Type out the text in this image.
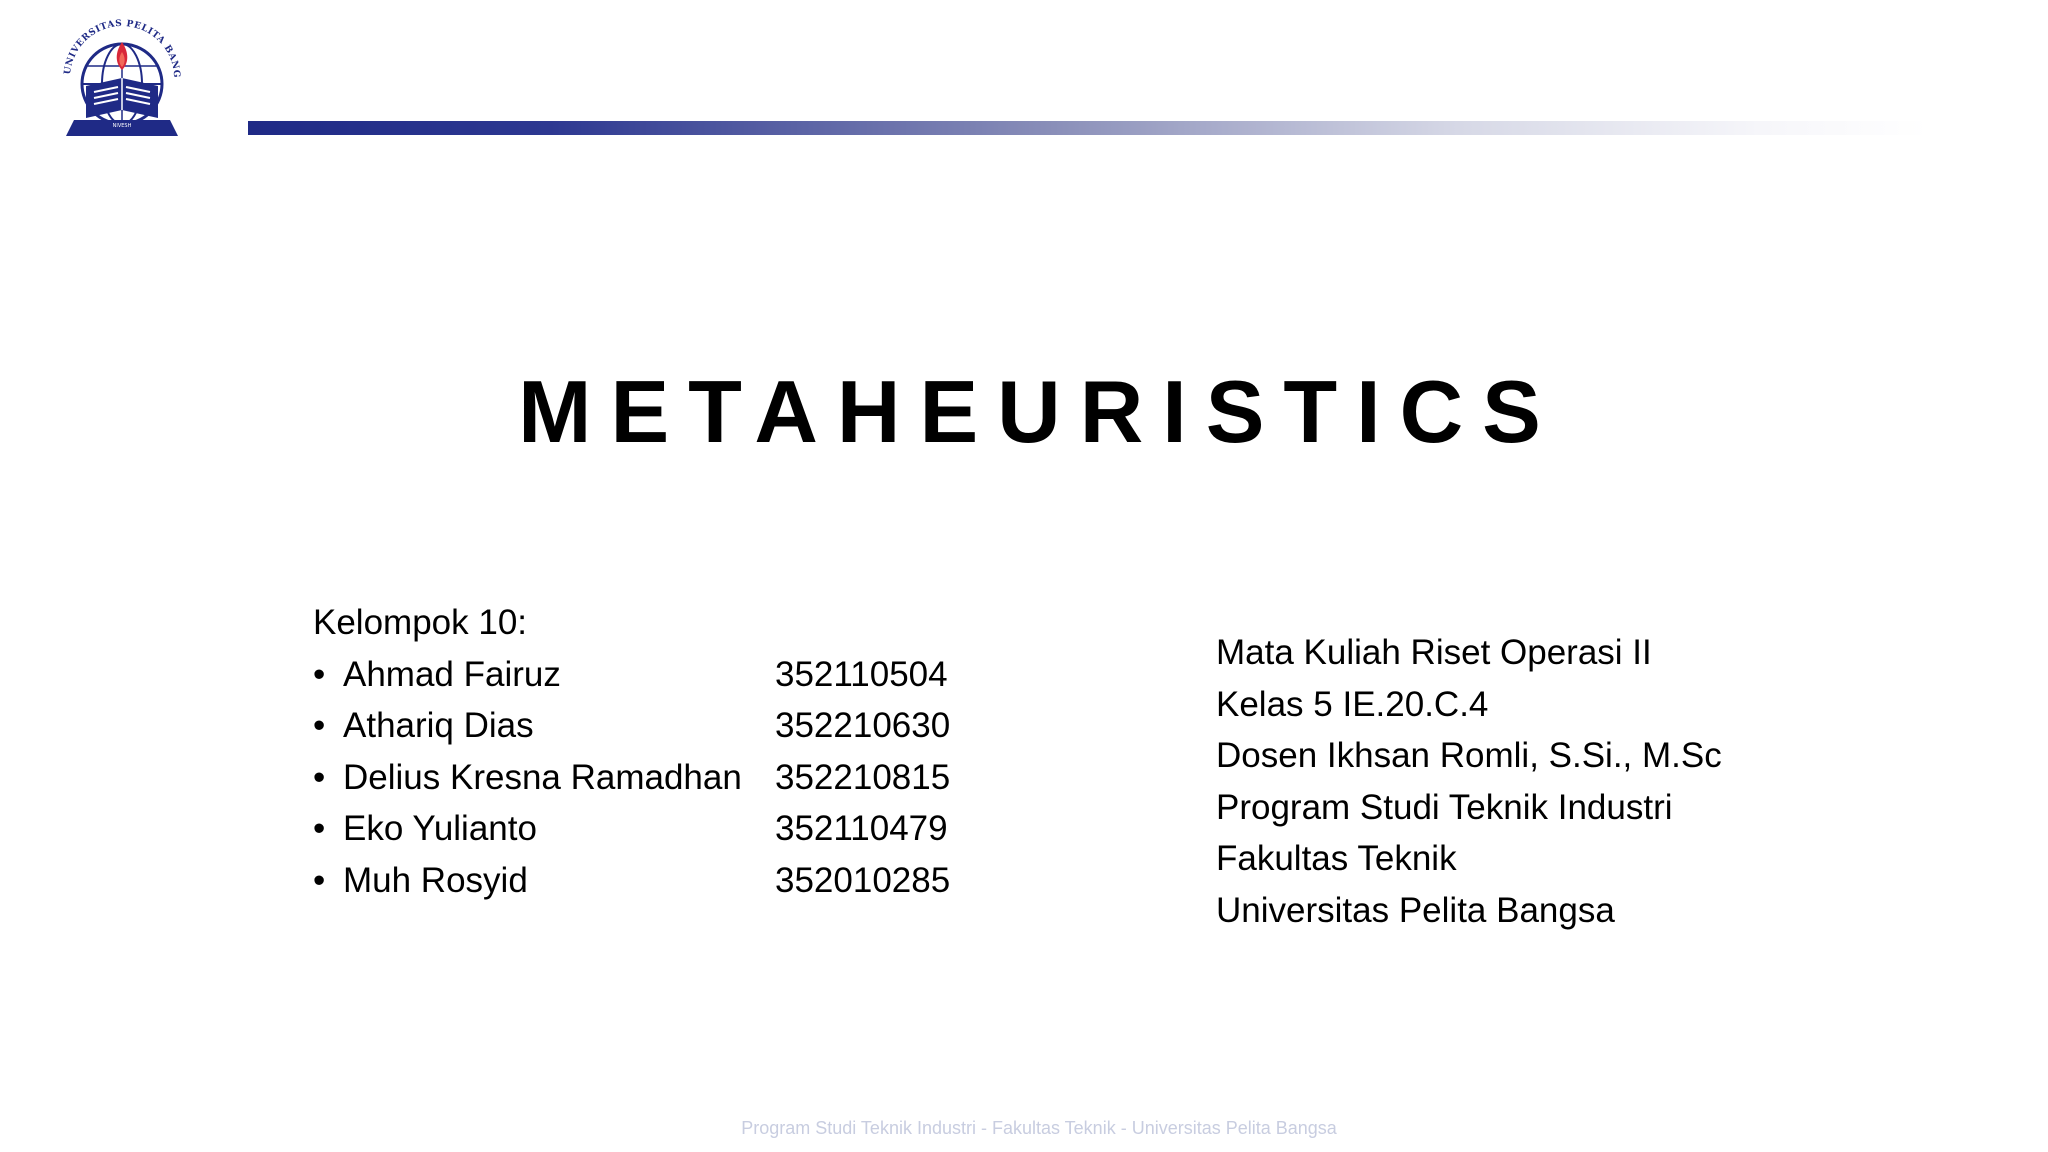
UNIVERSITAS PELITA BANG
NIVESH
METAHEURISTICS
Kelompok 10:
• Ahmad Fairuz	352110504
• Athariq Dias	352210630
• Delius Kresna Ramadhan 352210815
• Eko Yulianto	352110479
• Muh Rosyid	352010285
Mata Kuliah Riset Operasi II
Kelas 5 IE.20.C.4
Dosen Ikhsan Romli, S.Si., M.Sc
Program Studi Teknik Industri
Fakultas Teknik
Universitas Pelita Bangsa
Program Studi Teknik Industri - Fakultas Teknik - Universitas Pelita Bangsa
